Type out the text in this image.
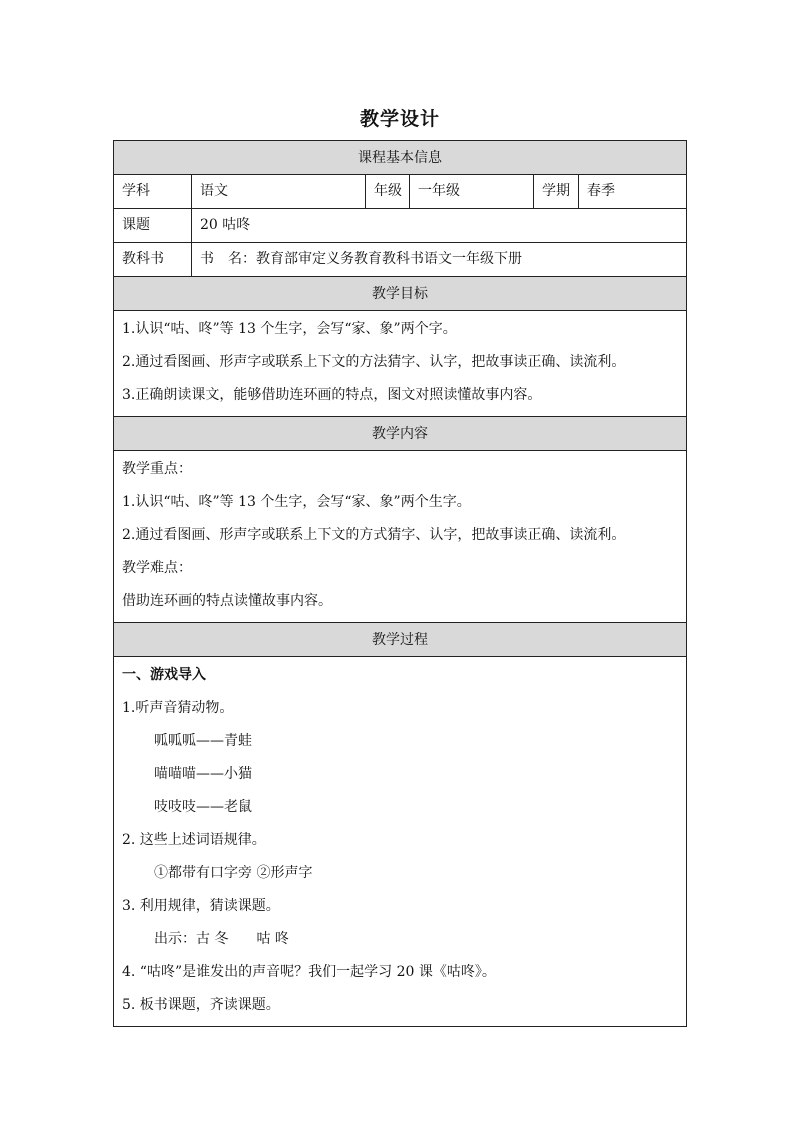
教学设计
课程基本信息
学科	语文	年级	一年级	学期	春季
课题	20 咕咚
教科书	书　名：教育部审定义务教育教科书语文一年级下册
教学目标
1.认识“咕、咚”等 13 个生字，会写“家、象”两个字。
2.通过看图画、形声字或联系上下文的方法猜字、认字，把故事读正确、读流利。
3.正确朗读课文，能够借助连环画的特点，图文对照读懂故事内容。
教学内容
教学重点：
1.认识“咕、咚”等 13 个生字，会写“家、象”两个生字。
2.通过看图画、形声字或联系上下文的方式猜字、认字，把故事读正确、读流利。
教学难点：
借助连环画的特点读懂故事内容。
教学过程
一、游戏导入
1.听声音猜动物。
呱呱呱——青蛙
喵喵喵——小猫
吱吱吱——老鼠
2. 这些上述词语规律。
①都带有口字旁 ②形声字
3. 利用规律，猜读课题。
出示：古 冬　　咕 咚
4. “咕咚”是谁发出的声音呢？我们一起学习 20 课《咕咚》。
5. 板书课题，齐读课题。
